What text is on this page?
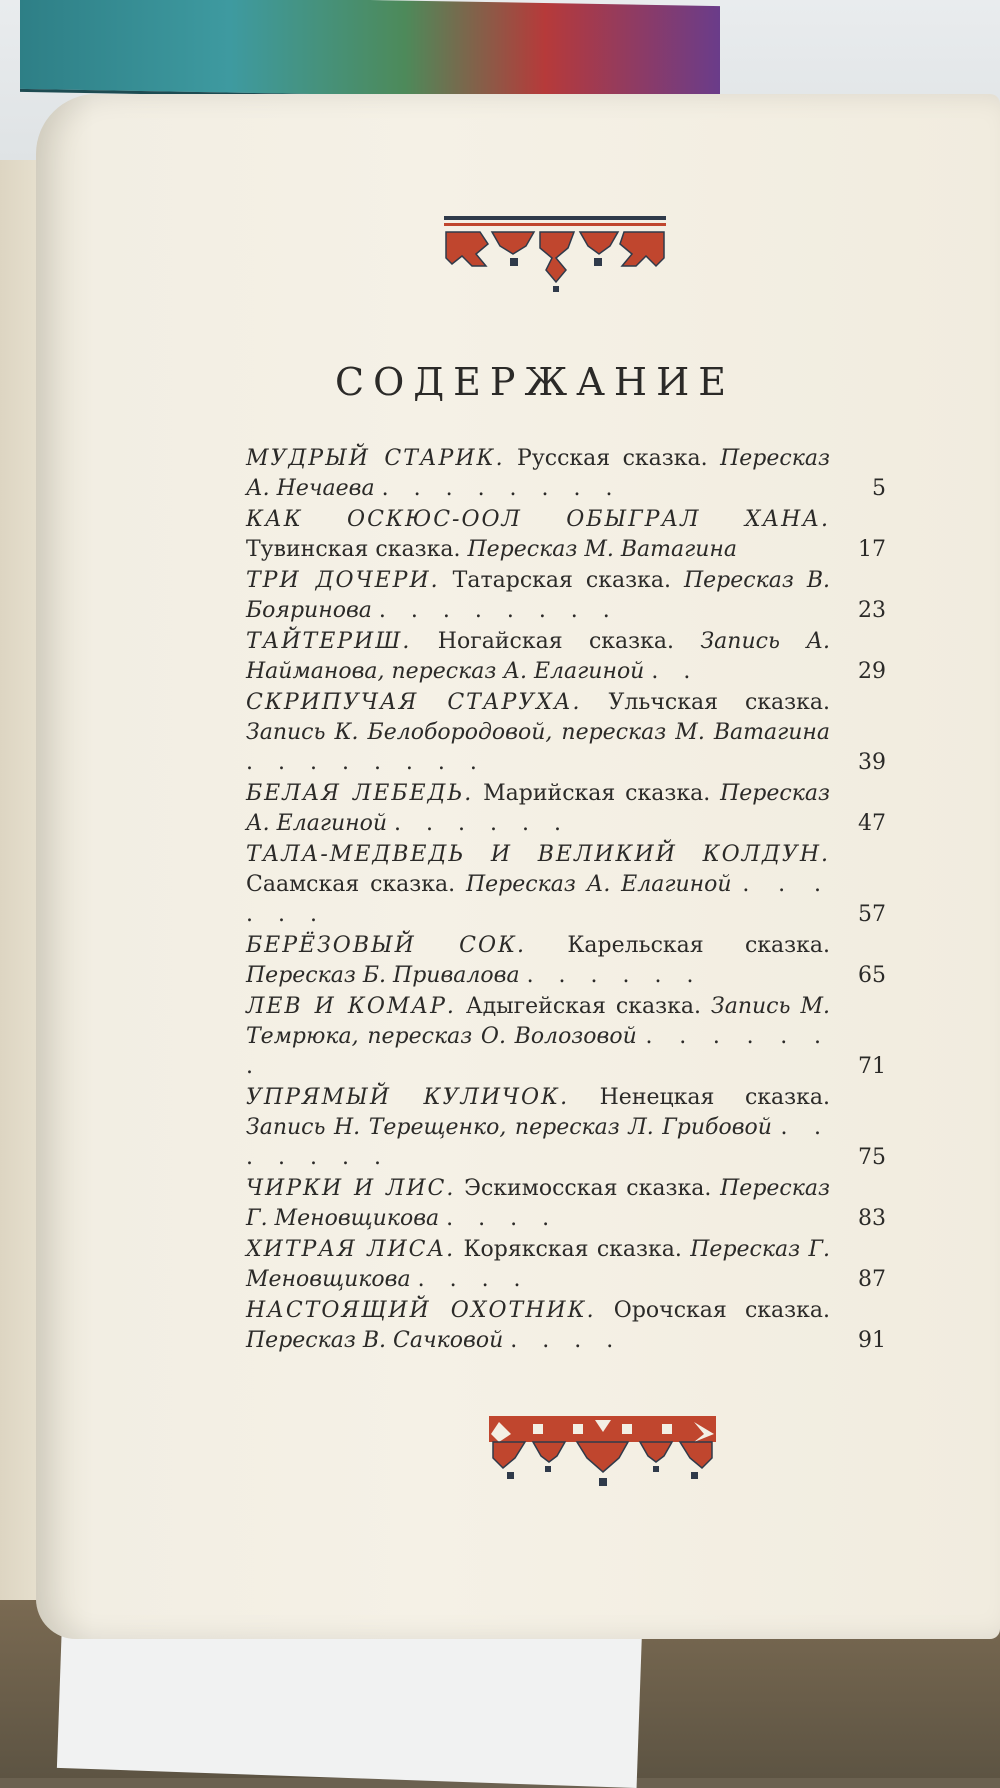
СОДЕРЖАНИЕ
МУДРЫЙ СТАРИК. Русская сказка. Пересказ А. Нечаева . . . . . . . .	5
КАК ОСКЮС-ООЛ ОБЫГРАЛ ХАНА. Тувинская сказка. Пересказ М. Ватагина	17
ТРИ ДОЧЕРИ. Татарская сказка. Пересказ В. Бояринова . . . . . . . .	23
ТАЙТЕРИШ. Ногайская сказка. Запись А. Найманова, пересказ А. Елагиной . .	29
СКРИПУЧАЯ СТАРУХА. Ульчская сказка. Запись К. Белобородовой, пересказ М. Ватагина . . . . . . . .	39
БЕЛАЯ ЛЕБЕДЬ. Марийская сказка. Пересказ А. Елагиной . . . . . .	47
ТАЛА-МЕДВЕДЬ И ВЕЛИКИЙ КОЛДУН. Саамская сказка. Пересказ А. Елагиной . . . . . .	57
БЕРЁЗОВЫЙ СОК. Карельская сказка. Пересказ Б. Привалова . . . . . .	65
ЛЕВ И КОМАР. Адыгейская сказка. Запись М. Темрюка, пересказ О. Волозовой . . . . . . .	71
УПРЯМЫЙ КУЛИЧОК. Ненецкая сказка. Запись Н. Терещенко, пересказ Л. Грибовой . . . . . . .	75
ЧИРКИ И ЛИС. Эскимосская сказка. Пересказ Г. Меновщикова . . . .	83
ХИТРАЯ ЛИСА. Корякская сказка. Пересказ Г. Меновщикова . . . .	87
НАСТОЯЩИЙ ОХОТНИК. Орочская сказка. Пересказ В. Сачковой . . . .	91
